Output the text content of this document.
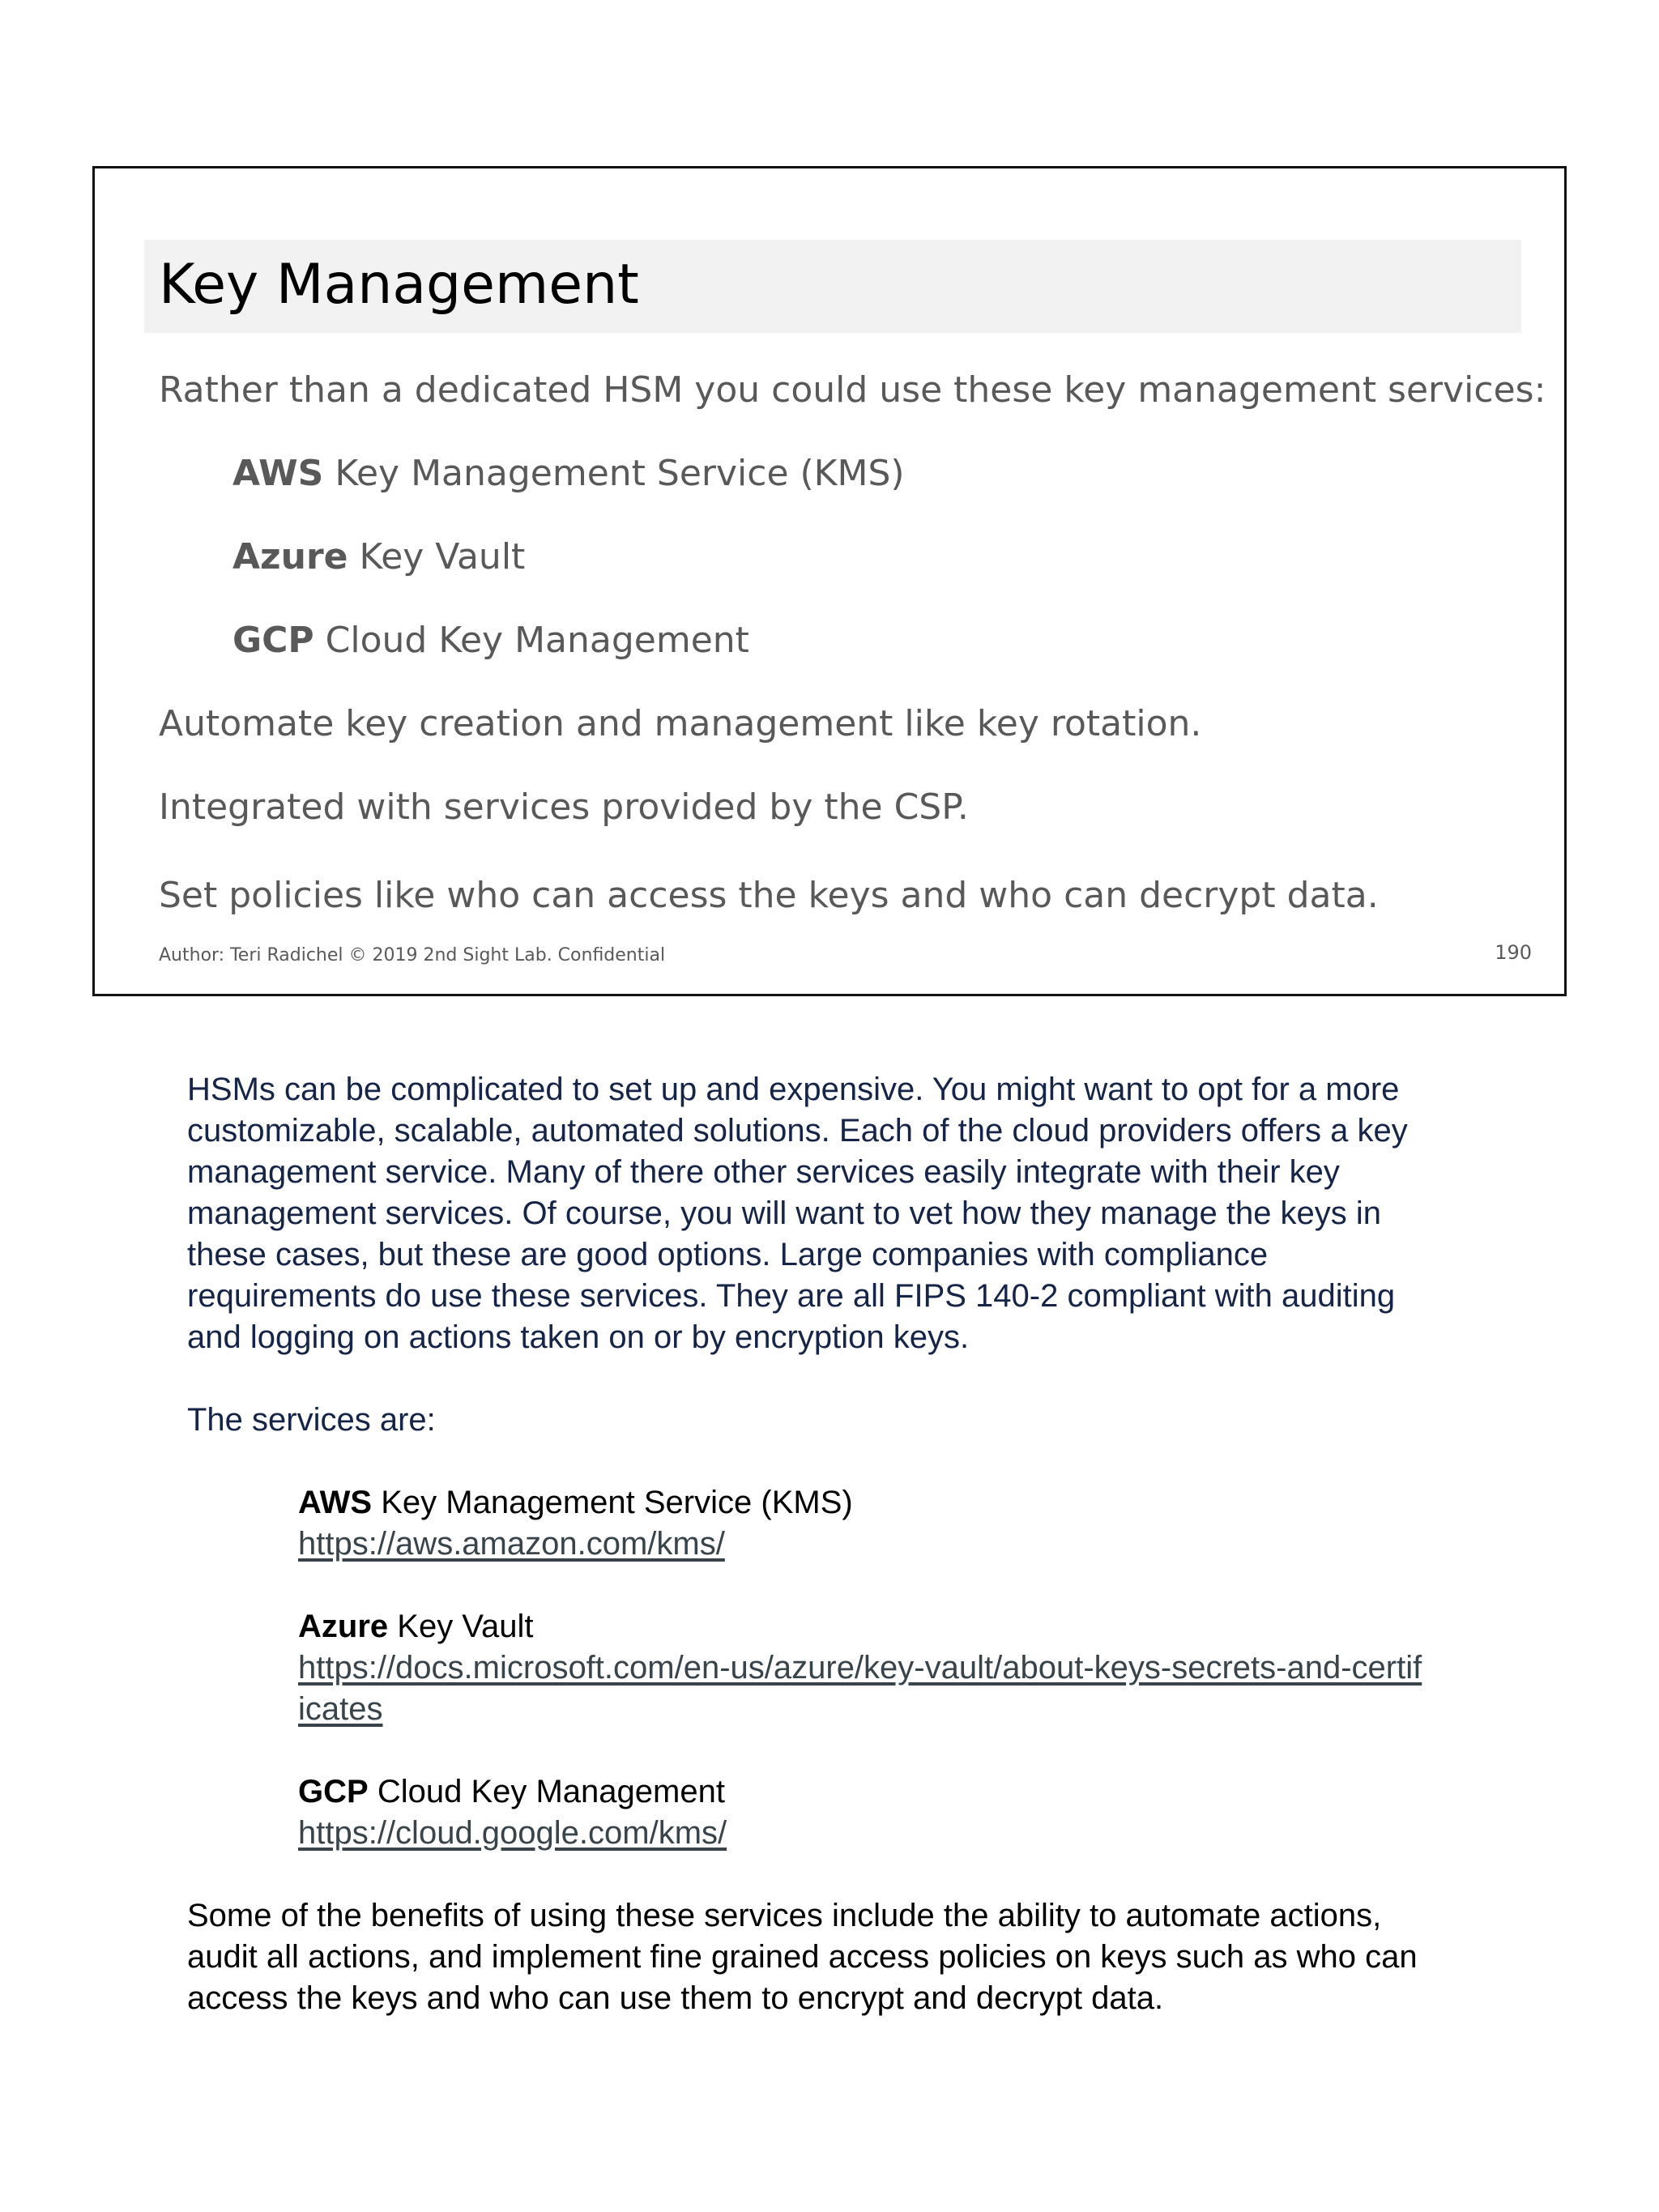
Key Management

Rather than a dedicated HSM you could use these key management services:

AWS Key Management Service (KMS)

Azure Key Vault

GCP Cloud Key Management

Automate key creation and management like key rotation.

Integrated with services provided by the CSP.

Set policies like who can access the keys and who can decrypt data.

Author: Teri Radichel © 2019 2nd Sight Lab. Confidential	190

HSMs can be complicated to set up and expensive. You might want to opt for a more

customizable, scalable, automated solutions. Each of the cloud providers offers a key

management service. Many of there other services easily integrate with their key

management services. Of course, you will want to vet how they manage the keys in

these cases, but these are good options. Large companies with compliance

requirements do use these services. They are all FIPS 140-2 compliant with auditing

and logging on actions taken on or by encryption keys.

The services are:

AWS Key Management Service (KMS)

https://aws.amazon.com/kms/

Azure Key Vault

https://docs.microsoft.com/en-us/azure/key-vault/about-keys-secrets-and-certif

icates

GCP Cloud Key Management

https://cloud.google.com/kms/

Some of the benefits of using these services include the ability to automate actions,

audit all actions, and implement fine grained access policies on keys such as who can

access the keys and who can use them to encrypt and decrypt data.
